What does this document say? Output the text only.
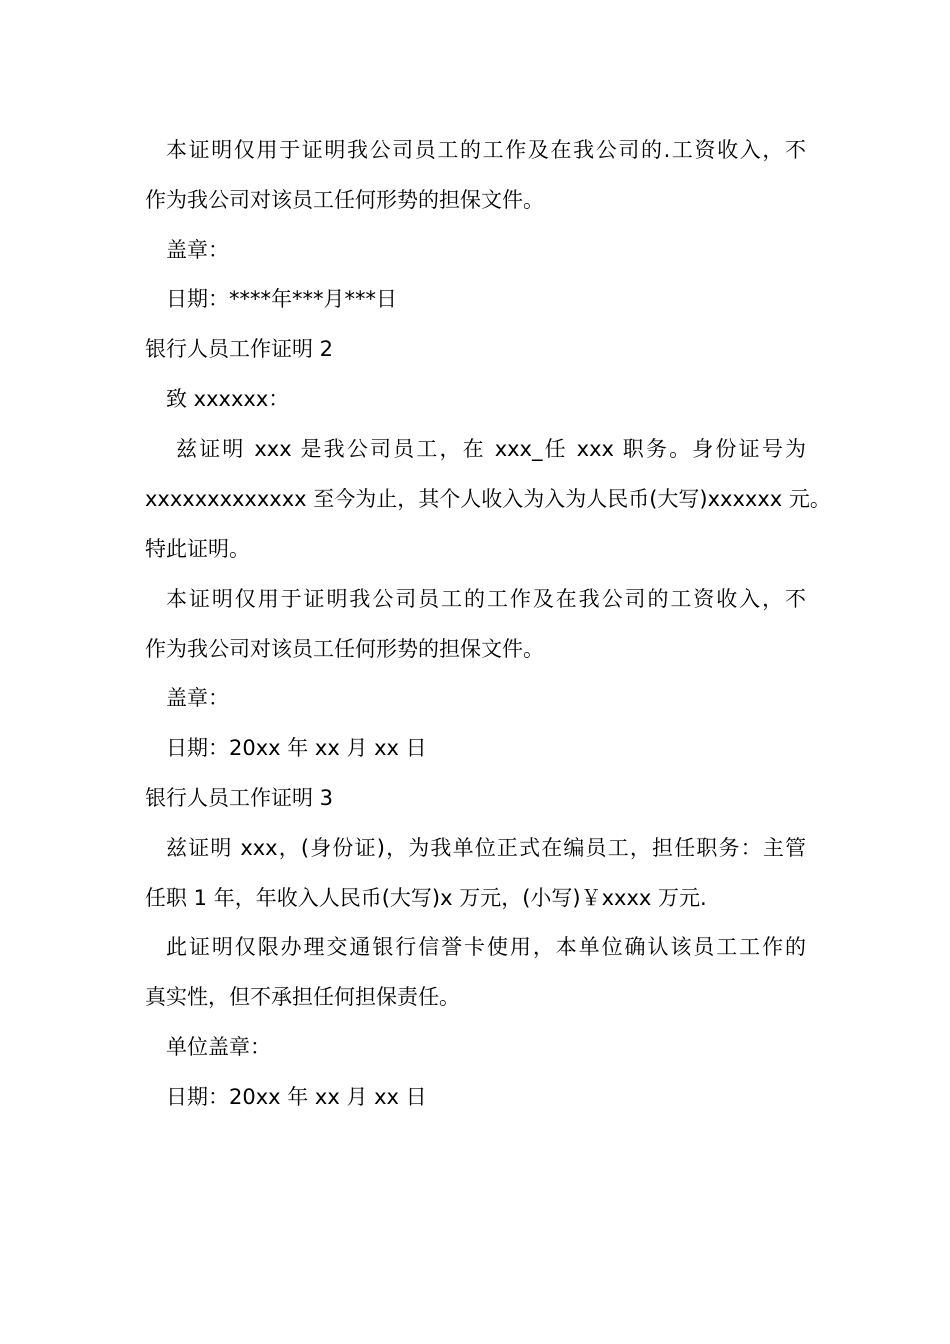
本证明仅用于证明我公司员工的工作及在我公司的.工资收入，不
作为我公司对该员工任何形势的担保文件。
盖章：
日期：****年***月***日
银行人员工作证明 2
致 xxxxxx：
兹证明 xxx 是我公司员工，在 xxx_任 xxx 职务。身份证号为
xxxxxxxxxxxxx 至今为止，其个人收入为入为人民币(大写)xxxxxx 元。
特此证明。
本证明仅用于证明我公司员工的工作及在我公司的工资收入，不
作为我公司对该员工任何形势的担保文件。
盖章：
日期：20xx 年 xx 月 xx 日
银行人员工作证明 3
兹证明 xxx，(身份证)，为我单位正式在编员工，担任职务：主管
任职 1 年，年收入人民币(大写)x 万元，(小写)￥xxxx 万元.
此证明仅限办理交通银行信誉卡使用，本单位确认该员工工作的
真实性，但不承担任何担保责任。
单位盖章：
日期：20xx 年 xx 月 xx 日
